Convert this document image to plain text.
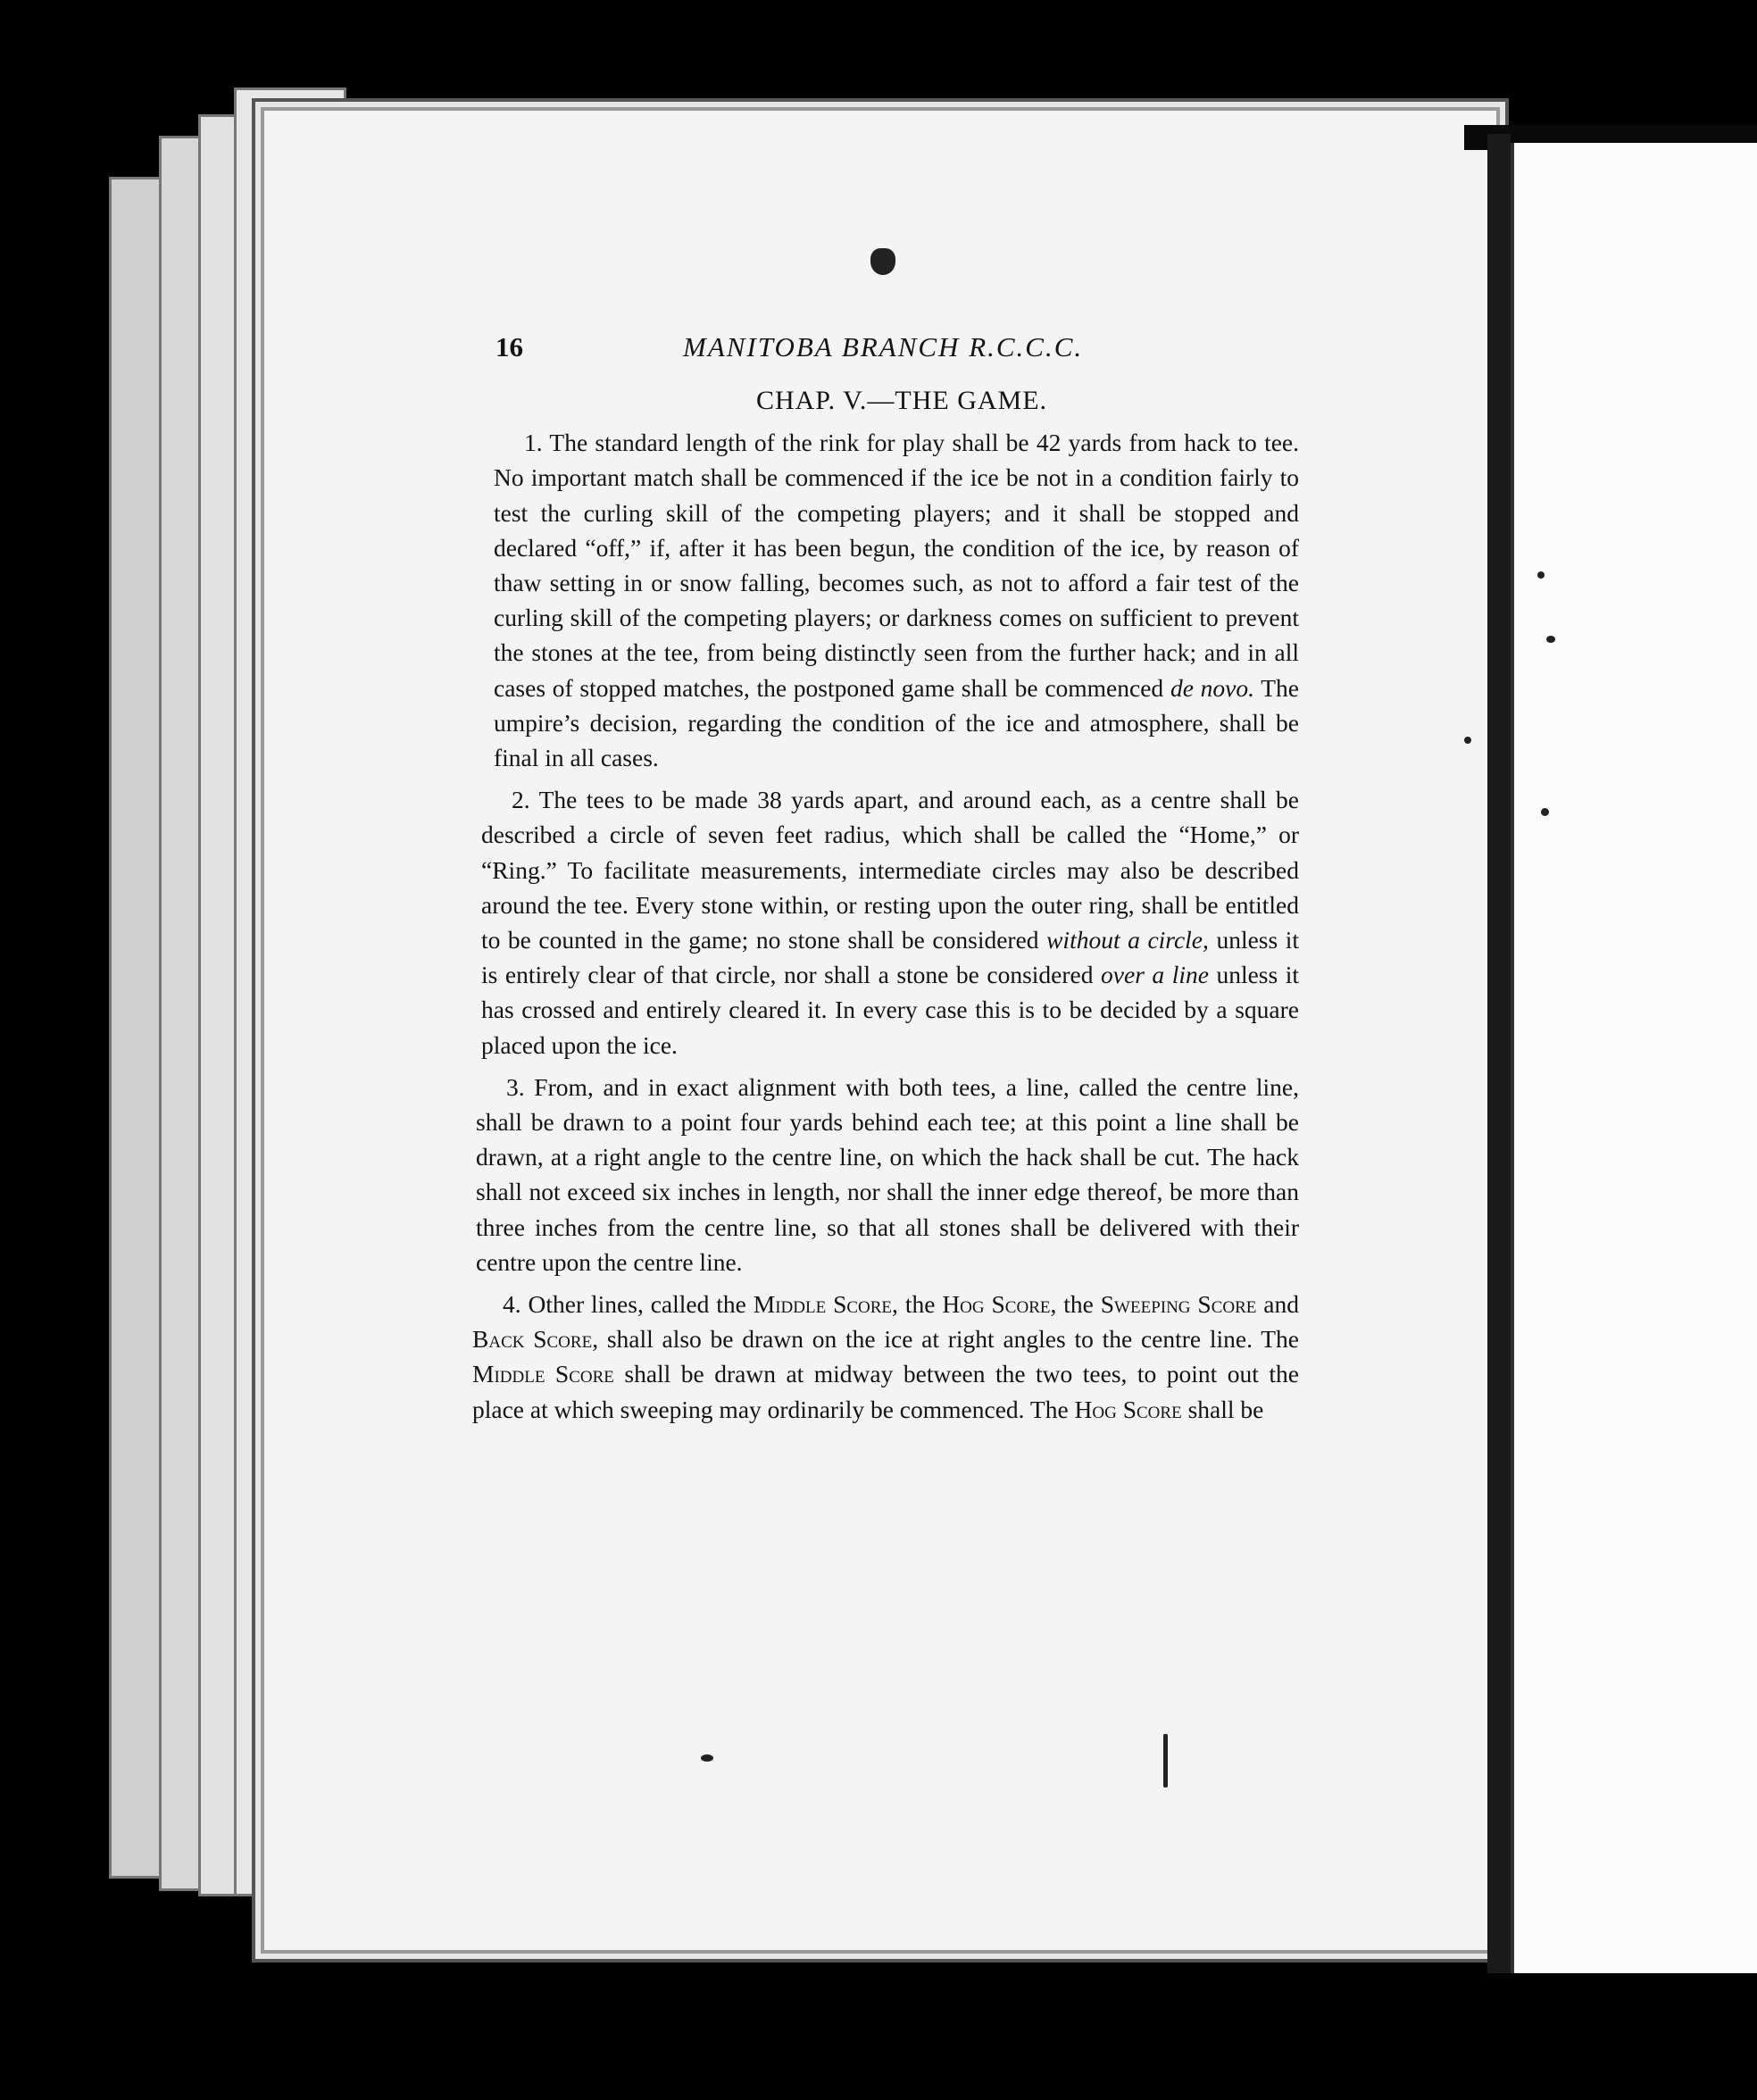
16	MANITOBA BRANCH R.C.C.C.
CHAP. V.—THE GAME.

1. The standard length of the rink for play shall be 42 yards from hack to tee. No important match shall be commenced if the ice be not in a condition fairly to test the curling skill of the competing players; and it shall be stopped and declared “off,” if, after it has been begun, the condition of the ice, by reason of thaw setting in or snow falling, becomes such, as not to afford a fair test of the curling skill of the competing players; or darkness comes on sufficient to prevent the stones at the tee, from being distinctly seen from the further hack; and in all cases of stopped matches, the postponed game shall be commenced de novo. The umpire’s decision, regarding the condition of the ice and atmosphere, shall be final in all cases.

2. The tees to be made 38 yards apart, and around each, as a centre shall be described a circle of seven feet radius, which shall be called the “Home,” or “Ring.” To facilitate measurements, intermediate circles may also be described around the tee. Every stone within, or resting upon the outer ring, shall be entitled to be counted in the game; no stone shall be considered without a circle, unless it is entirely clear of that circle, nor shall a stone be considered over a line unless it has crossed and entirely cleared it. In every case this is to be decided by a square placed upon the ice.

3. From, and in exact alignment with both tees, a line, called the centre line, shall be drawn to a point four yards behind each tee; at this point a line shall be drawn, at a right angle to the centre line, on which the hack shall be cut. The hack shall not exceed six inches in length, nor shall the inner edge thereof, be more than three inches from the centre line, so that all stones shall be delivered with their centre upon the centre line.

4. Other lines, called the Middle Score, the Hog Score, the Sweeping Score and Back Score, shall also be drawn on the ice at right angles to the centre line. The Middle Score shall be drawn at midway between the two tees, to point out the place at which sweeping may ordinarily be commenced. The Hog Score shall be
